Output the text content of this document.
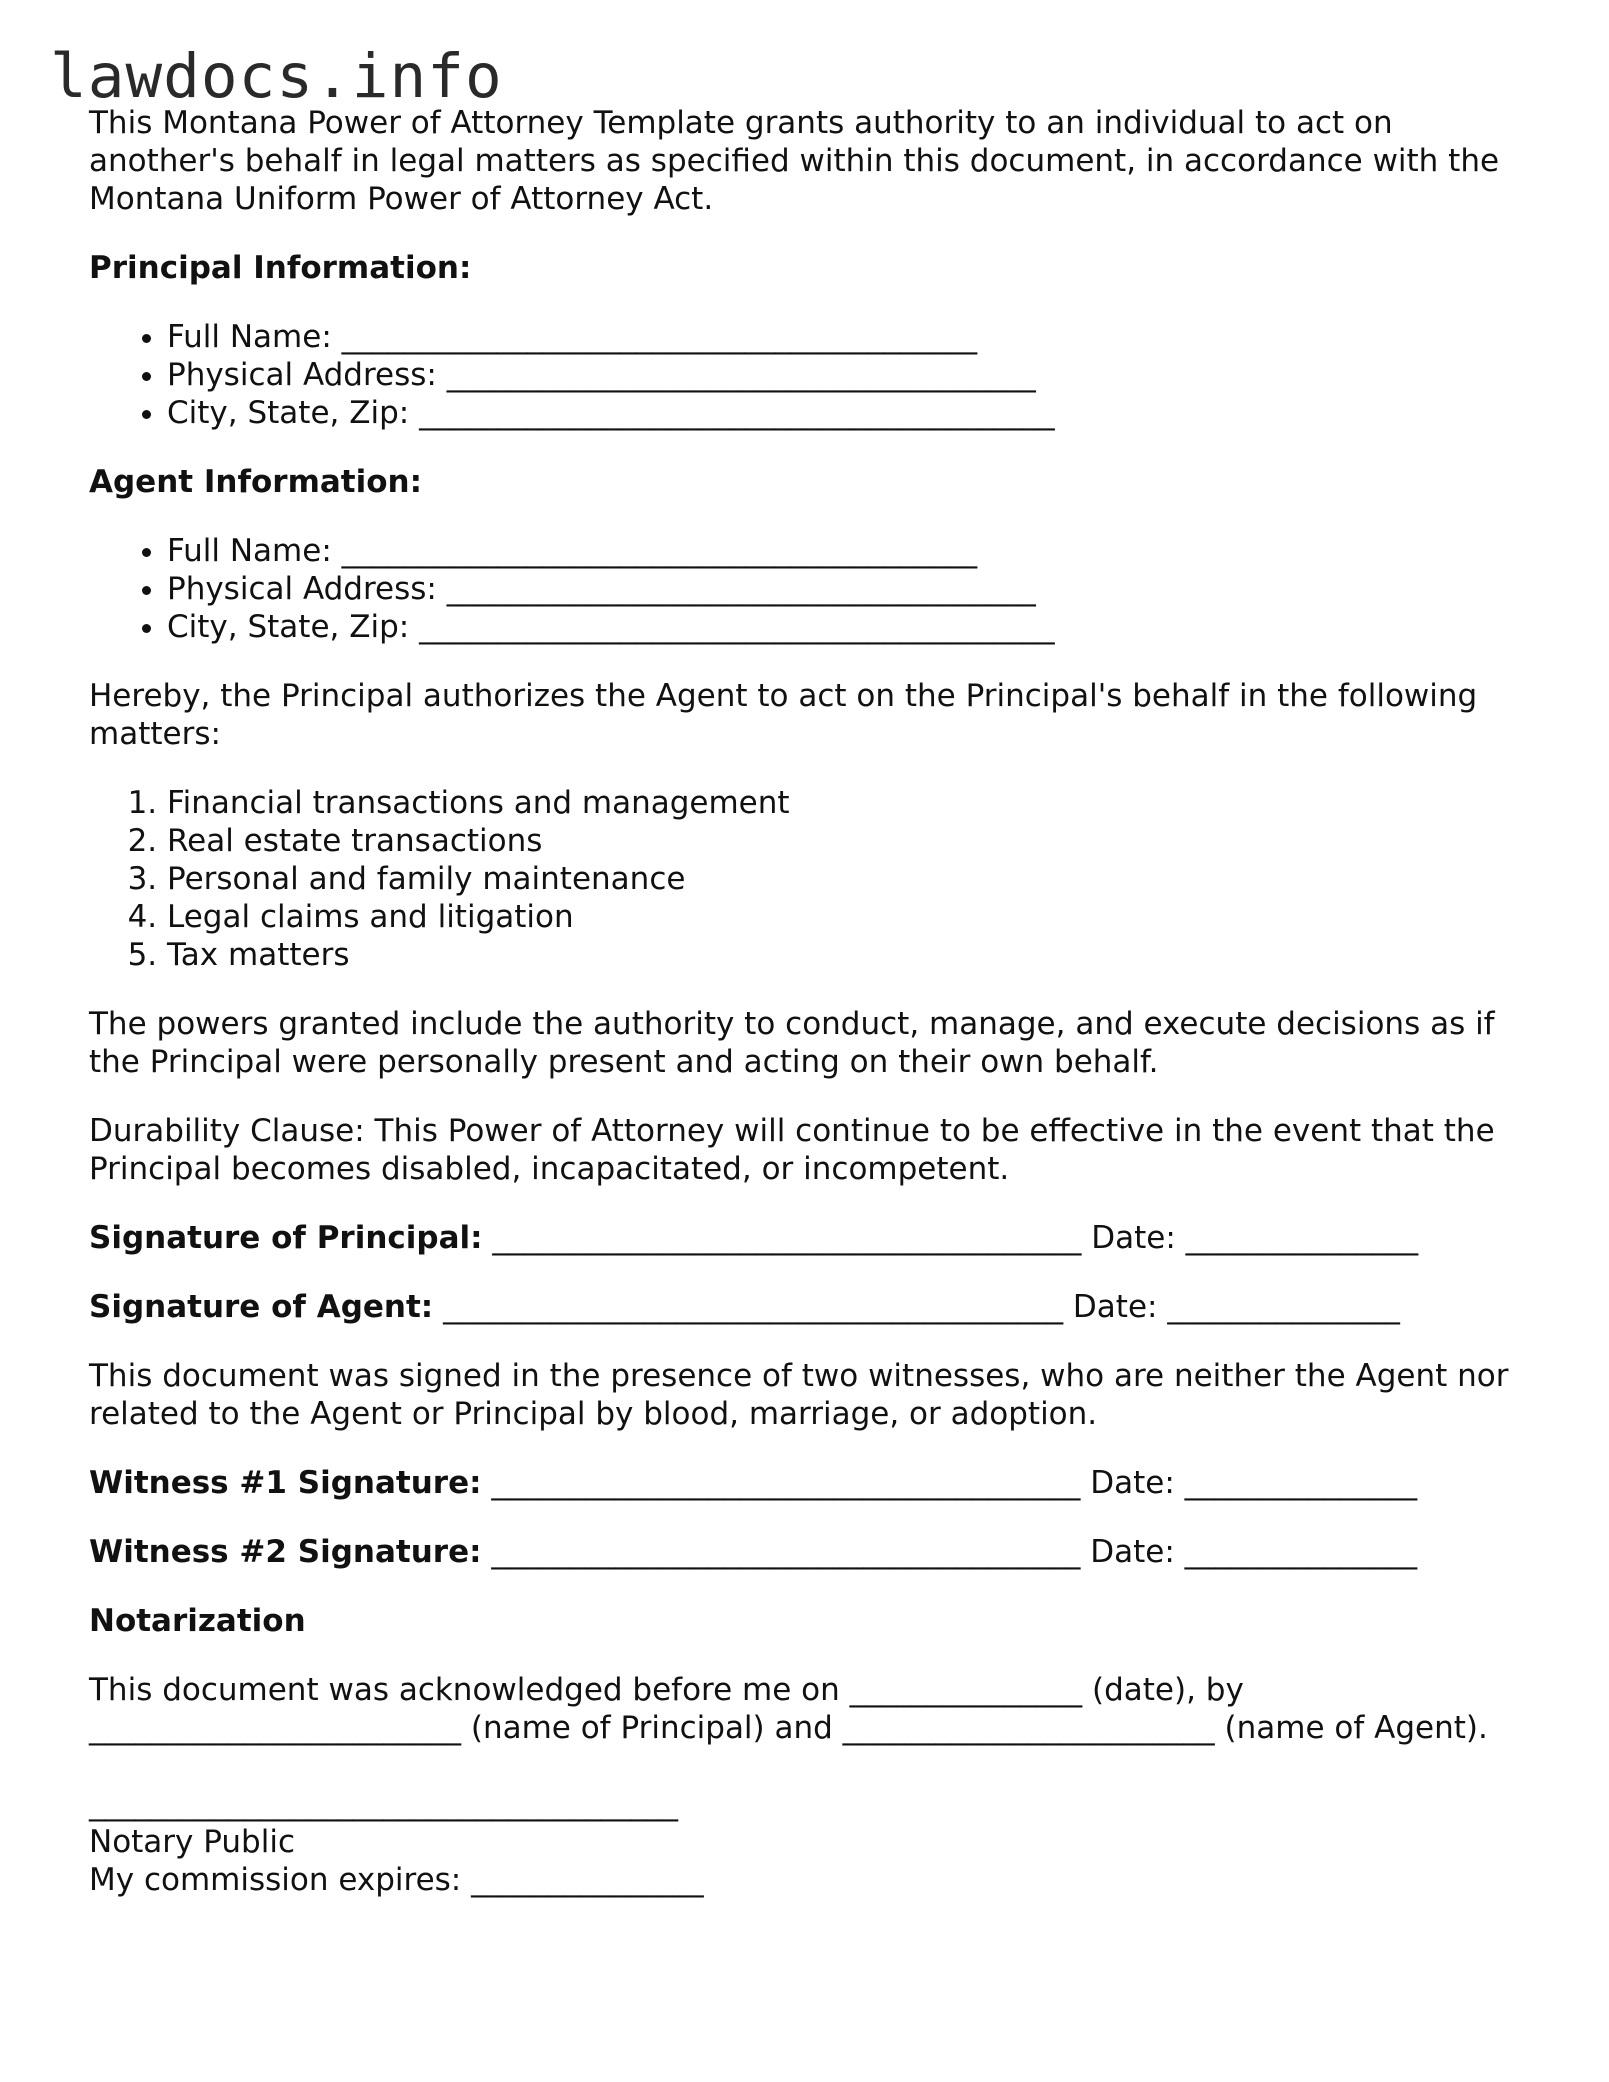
lawdocs.info

This Montana Power of Attorney Template grants authority to an individual to act on another's behalf in legal matters as specified within this document, in accordance with the Montana Uniform Power of Attorney Act.

Principal Information:
• Full Name: _________________________________________
• Physical Address: ______________________________________
• City, State, Zip: _________________________________________
Agent Information:
• Full Name: _________________________________________
• Physical Address: ______________________________________
• City, State, Zip: _________________________________________

Hereby, the Principal authorizes the Agent to act on the Principal's behalf in the following matters:

1. Financial transactions and management
2. Real estate transactions
3. Personal and family maintenance
4. Legal claims and litigation
5. Tax matters

The powers granted include the authority to conduct, manage, and execute decisions as if the Principal were personally present and acting on their own behalf.

Durability Clause: This Power of Attorney will continue to be effective in the event that the Principal becomes disabled, incapacitated, or incompetent.

Signature of Principal: ______________________________________ Date: _______________

Signature of Agent: ________________________________________ Date: _______________

This document was signed in the presence of two witnesses, who are neither the Agent nor related to the Agent or Principal by blood, marriage, or adoption.

Witness #1 Signature: ______________________________________ Date: _______________

Witness #2 Signature: ______________________________________ Date: _______________

Notarization

This document was acknowledged before me on _______________ (date), by ________________________ (name of Principal) and ________________________ (name of Agent).

______________________________________

Notary Public

My commission expires: _______________
